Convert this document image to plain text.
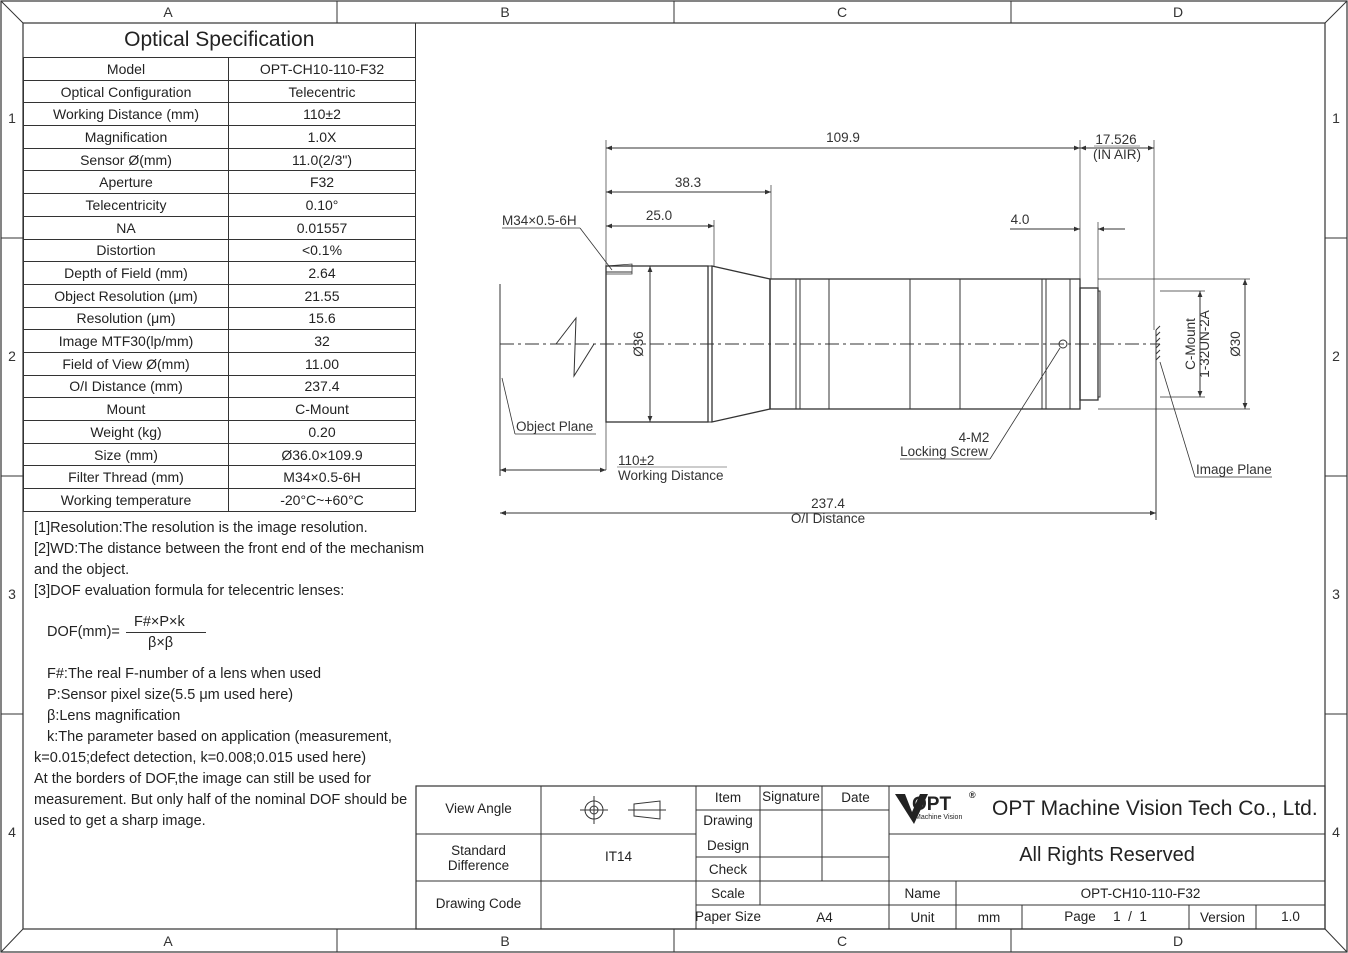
A	B	C	D
A	B	C	D
1
2
3
4
1
2
3
4
Optical Specification	
Model	OPT-CH10-110-F32
Optical Configuration	Telecentric
Working Distance (mm)	110±2
Magnification	1.0X
Sensor Ø(mm)	11.0(2/3")
Aperture	F32
Telecentricity	0.10°
NA	0.01557
Distortion	<0.1%
Depth of Field (mm)	2.64
Object Resolution (μm)	21.55
Resolution (μm)	15.6
Image MTF30(lp/mm)	32
Field of View Ø(mm)	11.00
O/I Distance (mm)	237.4
Mount	C-Mount
Weight (kg)	0.20
Size (mm)	Ø36.0×109.9
Filter Thread (mm)	M34×0.5-6H
Working temperature	-20°C~+60°C
[1]Resolution:The resolution is the image resolution.
[2]WD:The distance between the front end of the mechanism
and the object.
[3]DOF evaluation formula for telecentric lenses:
DOF(mm)=
F#×P×k
β×β
F#:The real F-number of a lens when used
P:Sensor pixel size(5.5 μm used here)
β:Lens magnification
k:The parameter based on application (measurement,
k=0.015;defect detection, k=0.008;0.015 used here)
At the borders of DOF,the image can still be used for
measurement. But only half of the nominal DOF should be
used to get a sharp image.
109.9	17.526
(IN AIR)
38.3
25.0	4.0
M34×0.5-6H
Ø36	Ø30
C-Mount 1-32UN-2A
Object Plane
Image Plane
110±2
Working Distance
4-M2
Locking Screw
237.4
O/I Distance
View Angle
Standard
Difference
IT14
Drawing Code
Item	Signature	Date
Drawing
Design
Check
Scale
Paper Size	A4
OPT ®
Machine Vision OPT Machine Vision Tech Co., Ltd.
All Rights Reserved
Name	OPT-CH10-110-F32
Unit	mm	Page	1  /  1	Version	1.0
